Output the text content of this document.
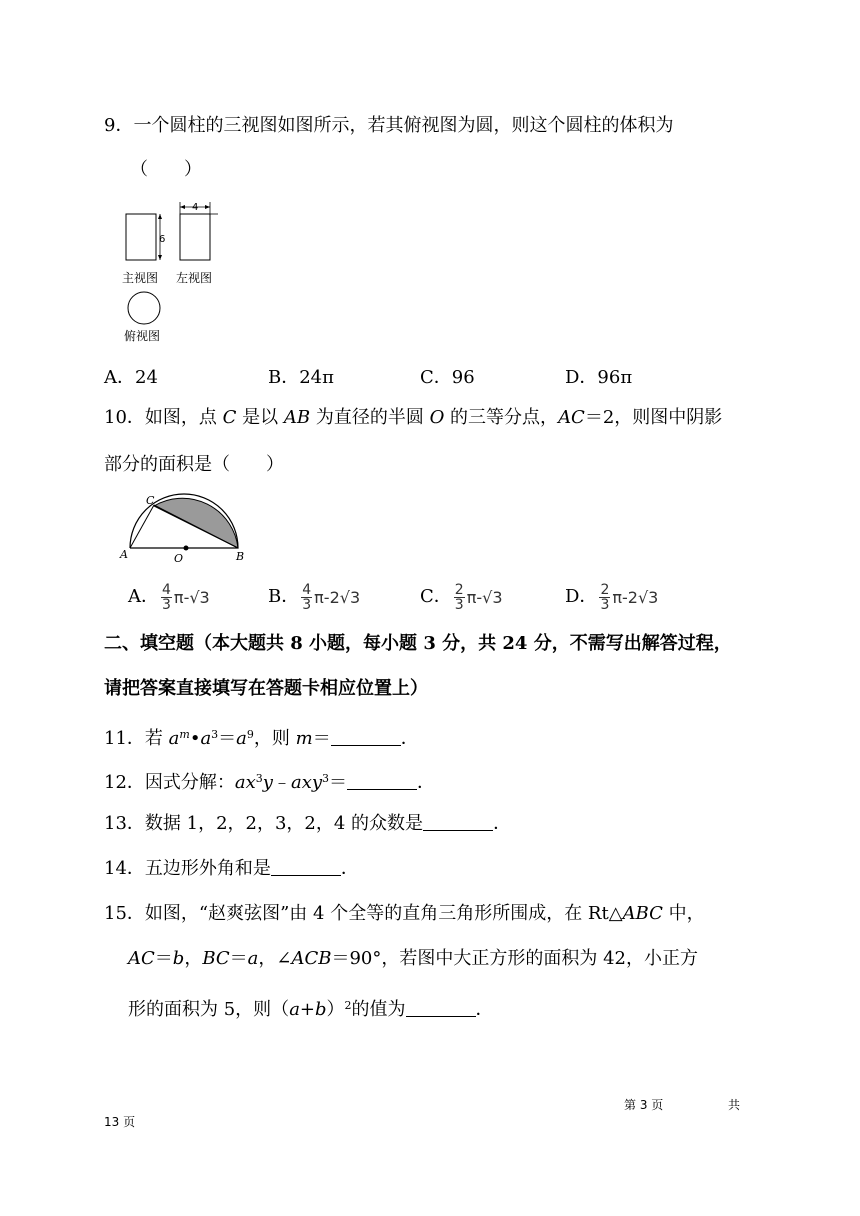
9．一个圆柱的三视图如图所示，若其俯视图为圆，则这个圆柱的体积为
（　　）
6
4
主视图 左视图
俯视图
A．24	B．24π	C．96	D．96π
10．如图，点 C 是以 AB 为直径的半圆 O 的三等分点，AC＝2，则图中阴影
部分的面积是（　　）
A	B
C
O
A． $\frac{4}{3} \pi-√3$	B． $\frac{4}{3} \pi-2√3$	C． $\frac{2}{3} \pi-√3$	D． $\frac{2}{3} \pi-2√3$
二、填空题（本大题共 8 小题，每小题 3 分，共 24 分，不需写出解答过程，
请把答案直接填写在答题卡相应位置上）
11．若 $a^m•a^3=a^9$，则 m＝	．
12．因式分解：$ax^3y﹣axy^3=$	．
13．数据 1，2，2，3，2，4 的众数是	．
14．五边形外角和是	．
15．如图，“赵爽弦图”由 4 个全等的直角三角形所围成，在 Rt△ABC 中，
AC＝b，BC＝a，∠ACB＝90°，若图中大正方形的面积为 42，小正方
形的面积为 5，则$(a+b)^2$的值为	．
第 3 页	共
13 页
